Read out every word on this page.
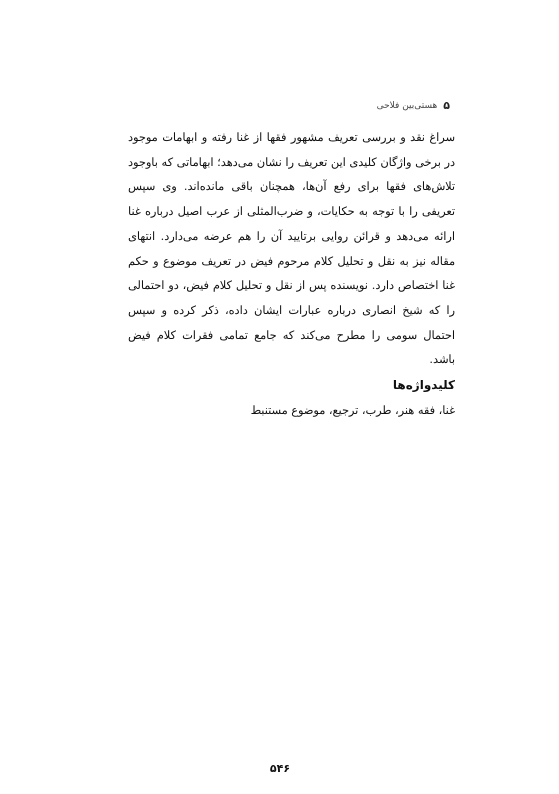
۵
هستی‌بین فلاحی

سراغ نقد و بررسی تعریف مشهور فقها از غنا رفته و ابهامات موجود در برخی واژگان کلیدی این تعریف را نشان می‌دهد؛ ابهاماتی که باوجود تلاش‌های فقها برای رفع آن‌ها، همچنان باقی مانده‌اند. وی سپس تعریفی را با توجه به حکایات، و ضرب‌المثلی از عرب اصیل درباره غنا ارائه می‌دهد و قرائن روایی برتایید آن را هم عرضه می‌دارد. انتهای مقاله نیز به نقل و تحلیل کلام مرحوم فیض در تعریف موضوع و حکم غنا اختصاص دارد. نویسنده پس از نقل و تحلیل کلام فیض، دو احتمالی را که شیخ انصاری درباره عبارات ایشان داده، ذکر کرده و سپس احتمال سومی را مطرح می‌کند که جامع تمامی فقرات کلام فیض باشد.

کلیدواژه‌ها
غنا، فقه هنر، طرب، ترجیع، موضوع مستنبط
۵۴۶
